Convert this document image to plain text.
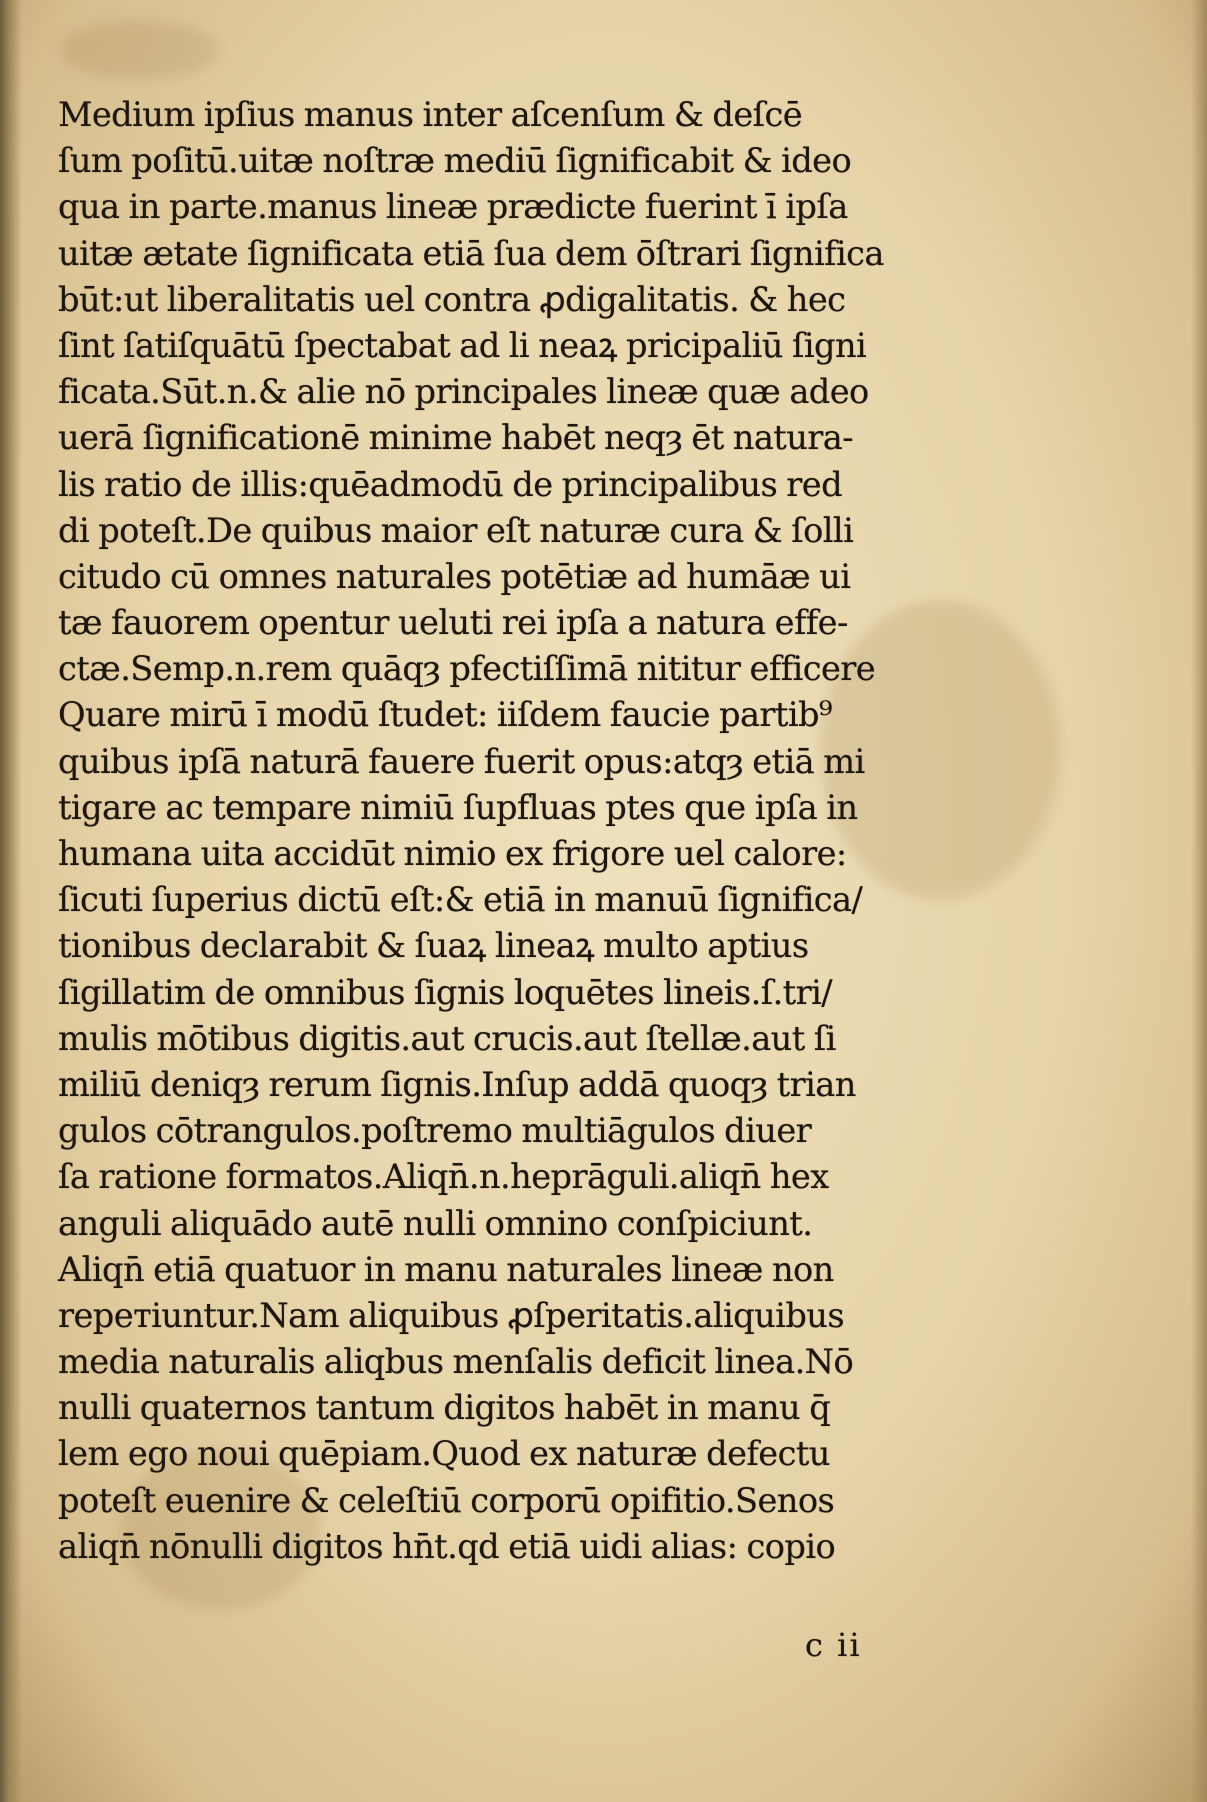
Medium ipſius manus inter aſcenſum & deſcē
ſum poſitū.uitæ noſtræ mediū ſignificabit & ideo
qua in parte.manus lineæ prædicte fuerint ī ipſa
uitæ ætate ſignificata etiā ſua dem ōſtrari ſignifica
būt:ut liberalitatis uel contra ꝓdigalitatis. & hec
ſint ſatiſquātū ſpectabat ad li neaꝝ pricipaliū ſigni
ficata.Sūt.n.& alie nō principales lineæ quæ adeo
uerā ſignificationē minime habēt neqȝ ēt natura-
lis ratio de illis:quēadmodū de principalibus red
di poteſt.De quibus maior eſt naturæ cura & ſolli
citudo cū omnes naturales potētiæ ad humāæ ui
tæ fauorem opentur ueluti rei ipſa a natura effe-
ctæ.Semp.n.rem quāqȝ pfectiſſimā nititur efficere
Quare mirū ī modū ſtudet: iiſdem faucie partib⁹
quibus ipſā naturā fauere fuerit opus:atqȝ etiā mi
tigare ac tempare nimiū ſupfluas ptes que ipſa in
humana uita accidūt nimio ex frigore uel calore:
ſicuti ſuperius dictū eſt:& etiā in manuū ſignifica/
tionibus declarabit & ſuaꝝ lineaꝝ multo aptius
ſigillatim de omnibus ſignis loquētes lineis.ſ.tri/
mulis mōtibus digitis.aut crucis.aut ſtellæ.aut ſi
miliū deniqȝ rerum ſignis.Inſup addā quoqȝ trian
gulos cōtrangulos.poſtremo multiāgulos diuer
ſa ratione formatos.Aliqn̄.n.heprāguli.aliqn̄ hex
anguli aliquādo autē nulli omnino conſpiciunt.
Aliqn̄ etiā quatuor in manu naturales lineæ non
repeтiuntur.Nam aliquibus ꝓſperitatis.aliquibus
media naturalis aliqbus menſalis deficit linea.Nō
nulli quaternos tantum digitos habēt in manu q̄
lem ego noui quēpiam.Quod ex naturæ defectu
poteſt euenire & celeſtiū corporū opifitio.Senos
aliqn̄ nōnulli digitos hn̄t.qd etiā uidi alias: copio
c ii
